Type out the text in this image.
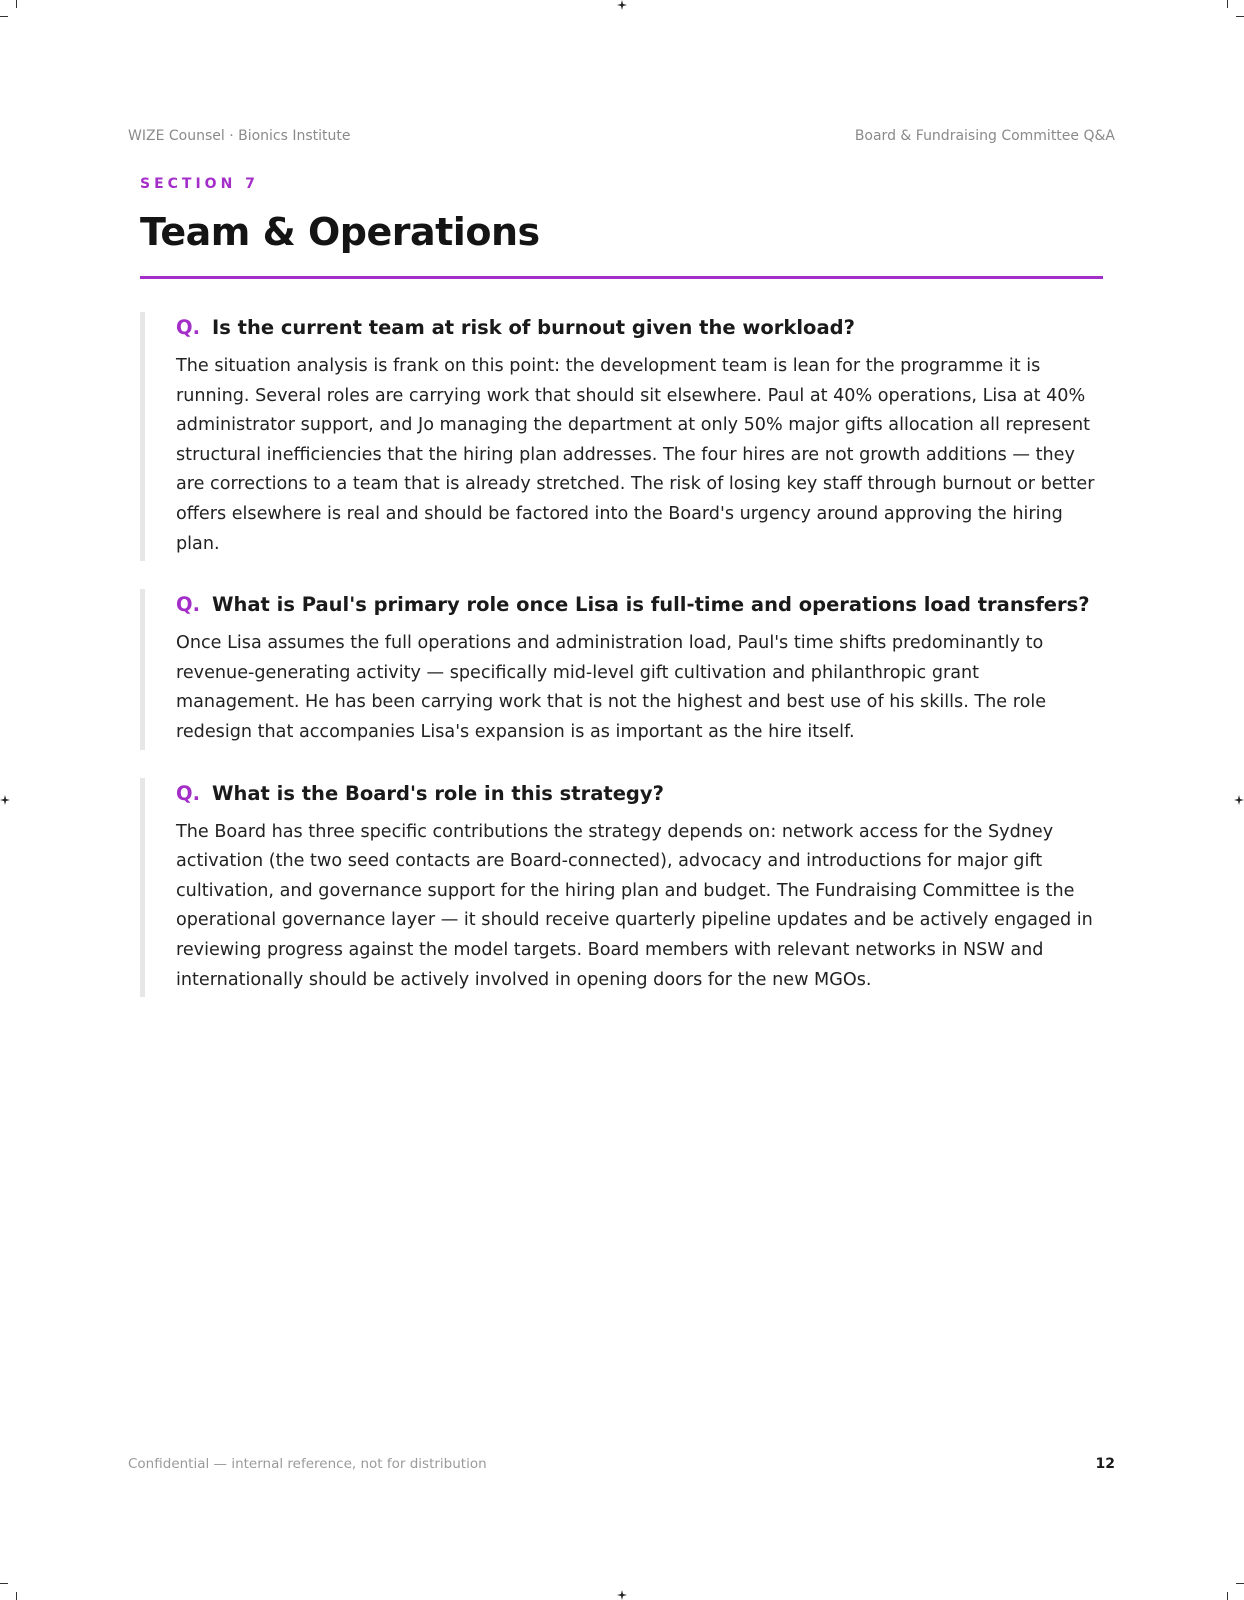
WIZE Counsel · Bionics Institute	Board & Fundraising Committee Q&A

SECTION 7

Team & Operations

Q. Is the current team at risk of burnout given the workload?

The situation analysis is frank on this point: the development team is lean for the programme it is running. Several roles are carrying work that should sit elsewhere. Paul at 40% operations, Lisa at 40% administrator support, and Jo managing the department at only 50% major gifts allocation all represent structural inefficiencies that the hiring plan addresses. The four hires are not growth additions — they are corrections to a team that is already stretched. The risk of losing key staff through burnout or better offers elsewhere is real and should be factored into the Board's urgency around approving the hiring plan.

Q. What is Paul's primary role once Lisa is full-time and operations load transfers?

Once Lisa assumes the full operations and administration load, Paul's time shifts predominantly to revenue-generating activity — specifically mid-level gift cultivation and philanthropic grant management. He has been carrying work that is not the highest and best use of his skills. The role redesign that accompanies Lisa's expansion is as important as the hire itself.

Q. What is the Board's role in this strategy?

The Board has three specific contributions the strategy depends on: network access for the Sydney activation (the two seed contacts are Board-connected), advocacy and introductions for major gift cultivation, and governance support for the hiring plan and budget. The Fundraising Committee is the operational governance layer — it should receive quarterly pipeline updates and be actively engaged in reviewing progress against the model targets. Board members with relevant networks in NSW and internationally should be actively involved in opening doors for the new MGOs.

Confidential — internal reference, not for distribution	12
